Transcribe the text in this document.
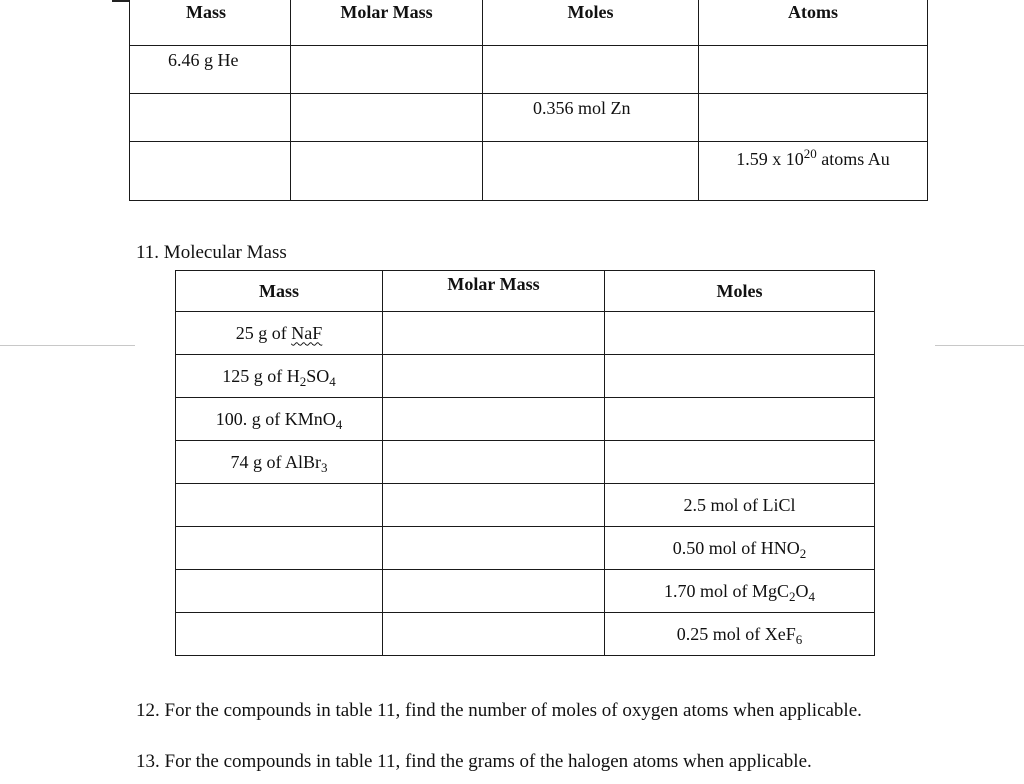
Mass	Molar Mass	Moles	Atoms
6.46 g He			
		0.356 mol Zn	
			1.59 x $10^{20}$ atoms Au
11. Molecular Mass
Mass	Molar Mass	Moles
25 g of NaF		
125 g of $H_2SO_4$		
100. g of KMnO$_4$		
74 g of AlBr$_3$		
		2.5 mol of LiCl
		0.50 mol of $HNO_2$
		1.70 mol of $MgC_2O_4$
		0.25 mol of XeF$_6$
12. For the compounds in table 11, find the number of moles of oxygen atoms when applicable.
13. For the compounds in table 11, find the grams of the halogen atoms when applicable.
